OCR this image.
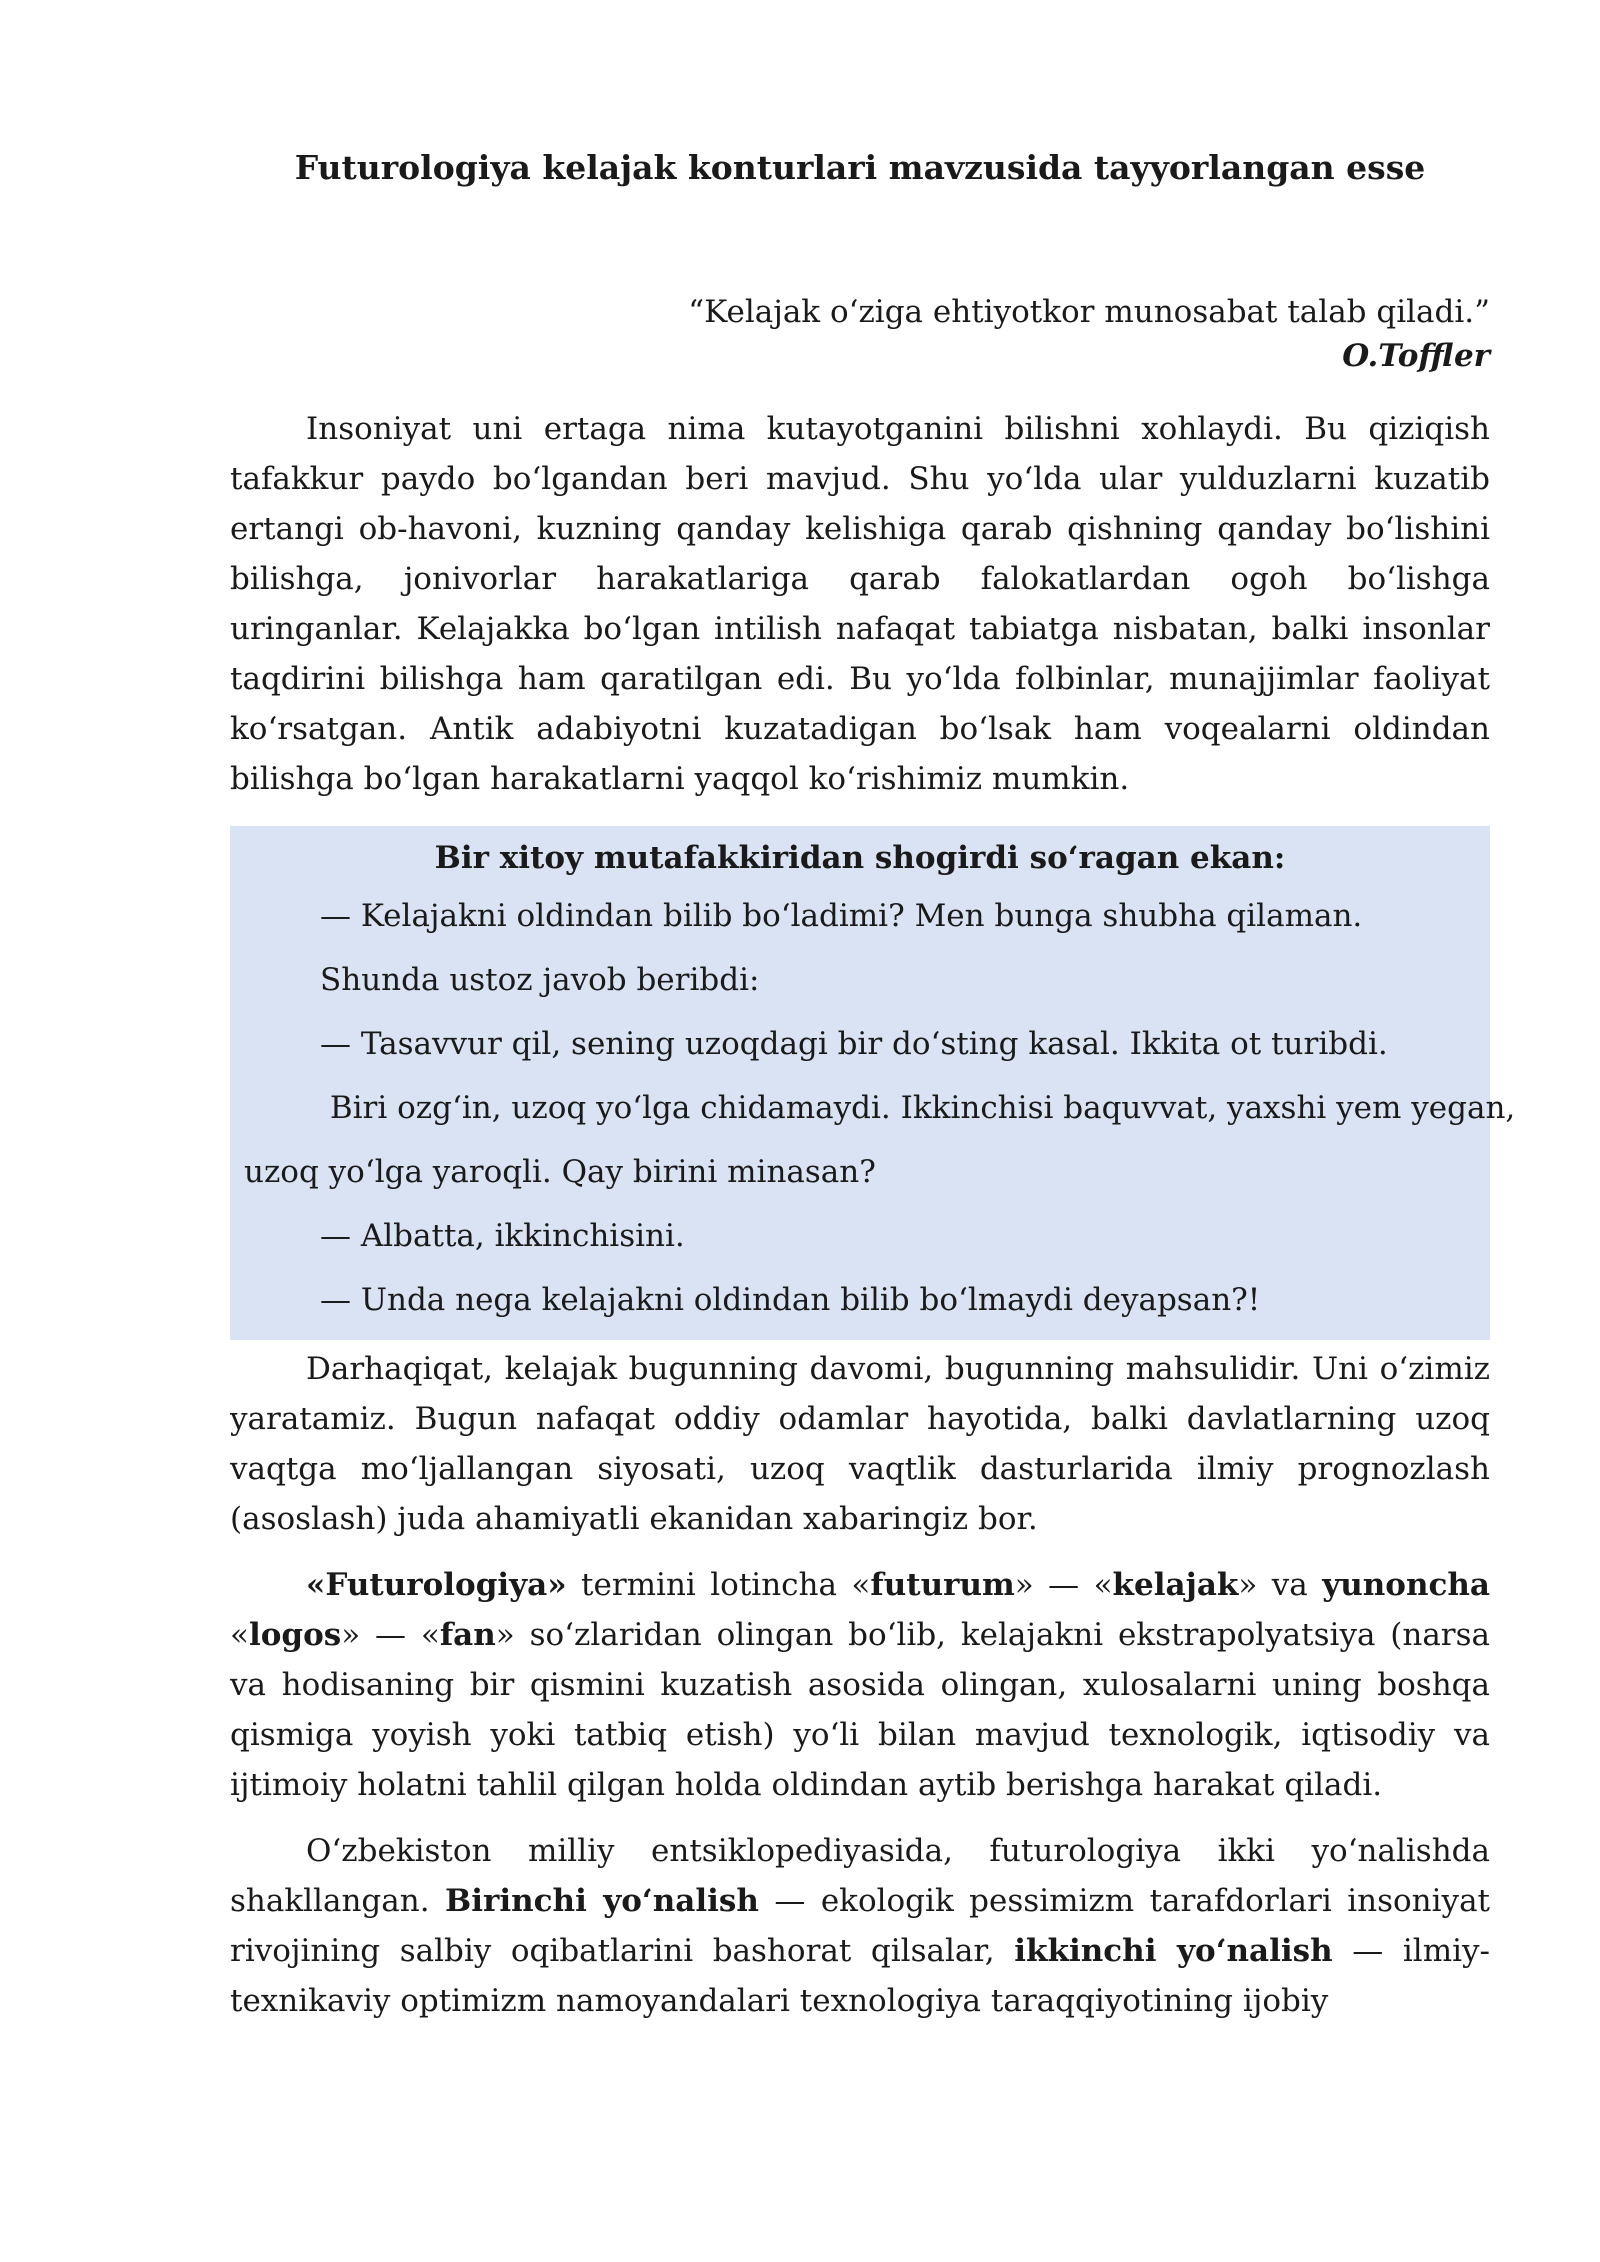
Futurologiya kelajak konturlari mavzusida tayyorlangan esse
“Kelajak oʻziga ehtiyotkor munosabat talab qiladi.”
O.Toffler

Insoniyat uni ertaga nima kutayotganini bilishni xohlaydi. Bu qiziqish tafakkur paydo boʻlgandan beri mavjud. Shu yoʻlda ular yulduzlarni kuzatib ertangi ob-havoni, kuzning qanday kelishiga qarab qishning qanday boʻlishini bilishga, jonivorlar harakatlariga qarab falokatlardan ogoh boʻlishga uringanlar. Kelajakka boʻlgan intilish nafaqat tabiatga nisbatan, balki insonlar taqdirini bilishga ham qaratilgan edi. Bu yoʻlda folbinlar, munajjimlar faoliyat koʻrsatgan. Antik adabiyotni kuzatadigan boʻlsak ham voqealarni oldindan bilishga boʻlgan harakatlarni yaqqol koʻrishimiz mumkin.

Bir xitoy mutafakkiridan shogirdi soʻragan ekan:
— Kelajakni oldindan bilib boʻladimi? Men bunga shubha qilaman.
Shunda ustoz javob beribdi:
— Tasavvur qil, sening uzoqdagi bir doʻsting kasal. Ikkita ot turibdi.
Biri ozgʻin, uzoq yoʻlga chidamaydi. Ikkinchisi baquvvat, yaxshi yem yegan,
uzoq yoʻlga yaroqli. Qay birini minasan?
— Albatta, ikkinchisini.
— Unda nega kelajakni oldindan bilib boʻlmaydi deyapsan?!

Darhaqiqat, kelajak bugunning davomi, bugunning mahsulidir. Uni oʻzimiz yaratamiz. Bugun nafaqat oddiy odamlar hayotida, balki davlatlarning uzoq vaqtga moʻljallangan siyosati, uzoq vaqtlik dasturlarida ilmiy prognozlash (asoslash) juda ahamiyatli ekanidan xabaringiz bor.

«Futurologiya» termini lotincha «futurum» — «kelajak» va yunoncha «logos» — «fan» soʻzlaridan olingan boʻlib, kelajakni ekstrapolyatsiya (narsa va hodisaning bir qismini kuzatish asosida olingan, xulosalarni uning boshqa qismiga yoyish yoki tatbiq etish) yoʻli bilan mavjud texnologik, iqtisodiy va ijtimoiy holatni tahlil qilgan holda oldindan aytib berishga harakat qiladi.

Oʻzbekiston milliy entsiklopediyasida, futurologiya ikki yoʻnalishda shakllangan. Birinchi yoʻnalish — ekologik pessimizm tarafdorlari insoniyat rivojining salbiy oqibatlarini bashorat qilsalar, ikkinchi yoʻnalish — ilmiy-texnikaviy optimizm namoyandalari texnologiya taraqqiyotining ijobiy
